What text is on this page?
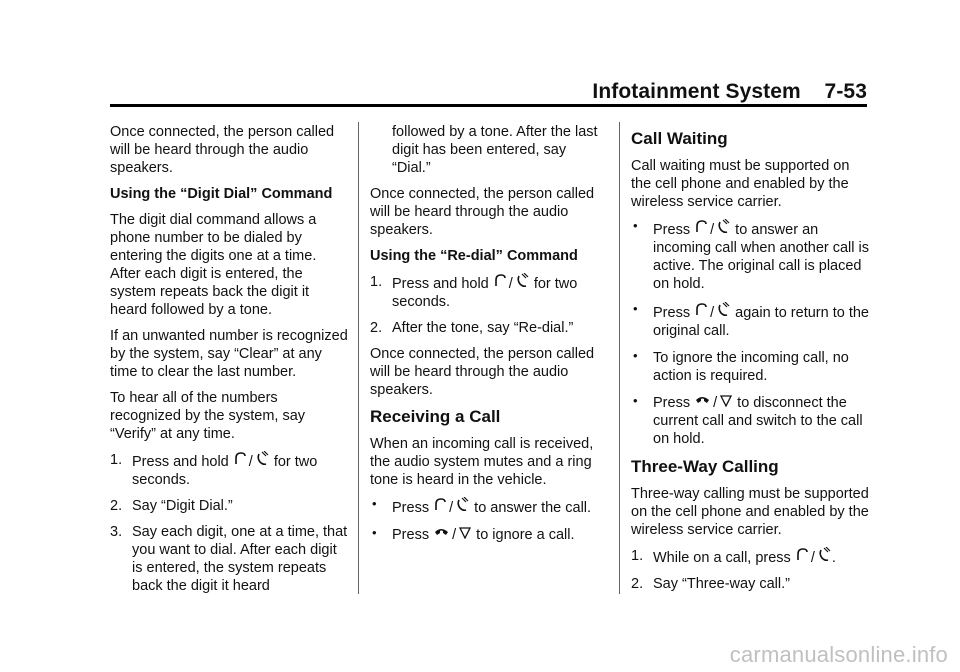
Infotainment System    7-53

Once connected, the person called will be heard through the audio speakers.

Using the “Digit Dial” Command

The digit dial command allows a phone number to be dialed by entering the digits one at a time. After each digit is entered, the system repeats back the digit it heard followed by a tone.

If an unwanted number is recognized by the system, say “Clear” at any time to clear the last number.

To hear all of the numbers recognized by the system, say “Verify” at any time.

1. Press and hold / for two seconds.
2. Say “Digit Dial.”
3. Say each digit, one at a time, that you want to dial. After each digit is entered, the system repeats back the digit it heard

followed by a tone. After the last digit has been entered, say “Dial.”

Once connected, the person called will be heard through the audio speakers.

Using the “Re-dial” Command

1. Press and hold / for two seconds.
2. After the tone, say “Re-dial.”

Once connected, the person called will be heard through the audio speakers.

Receiving a Call

When an incoming call is received, the audio system mutes and a ring tone is heard in the vehicle.

• Press / to answer the call.
• Press / to ignore a call.
Call Waiting

Call waiting must be supported on the cell phone and enabled by the wireless service carrier.

• Press / to answer an incoming call when another call is active. The original call is placed on hold.
• Press / again to return to the original call.
• To ignore the incoming call, no action is required.
• Press / to disconnect the current call and switch to the call on hold.
Three-Way Calling

Three-way calling must be supported on the cell phone and enabled by the wireless service carrier.

1. While on a call, press / .
2. Say “Three-way call.”
carmanualsonline.info
